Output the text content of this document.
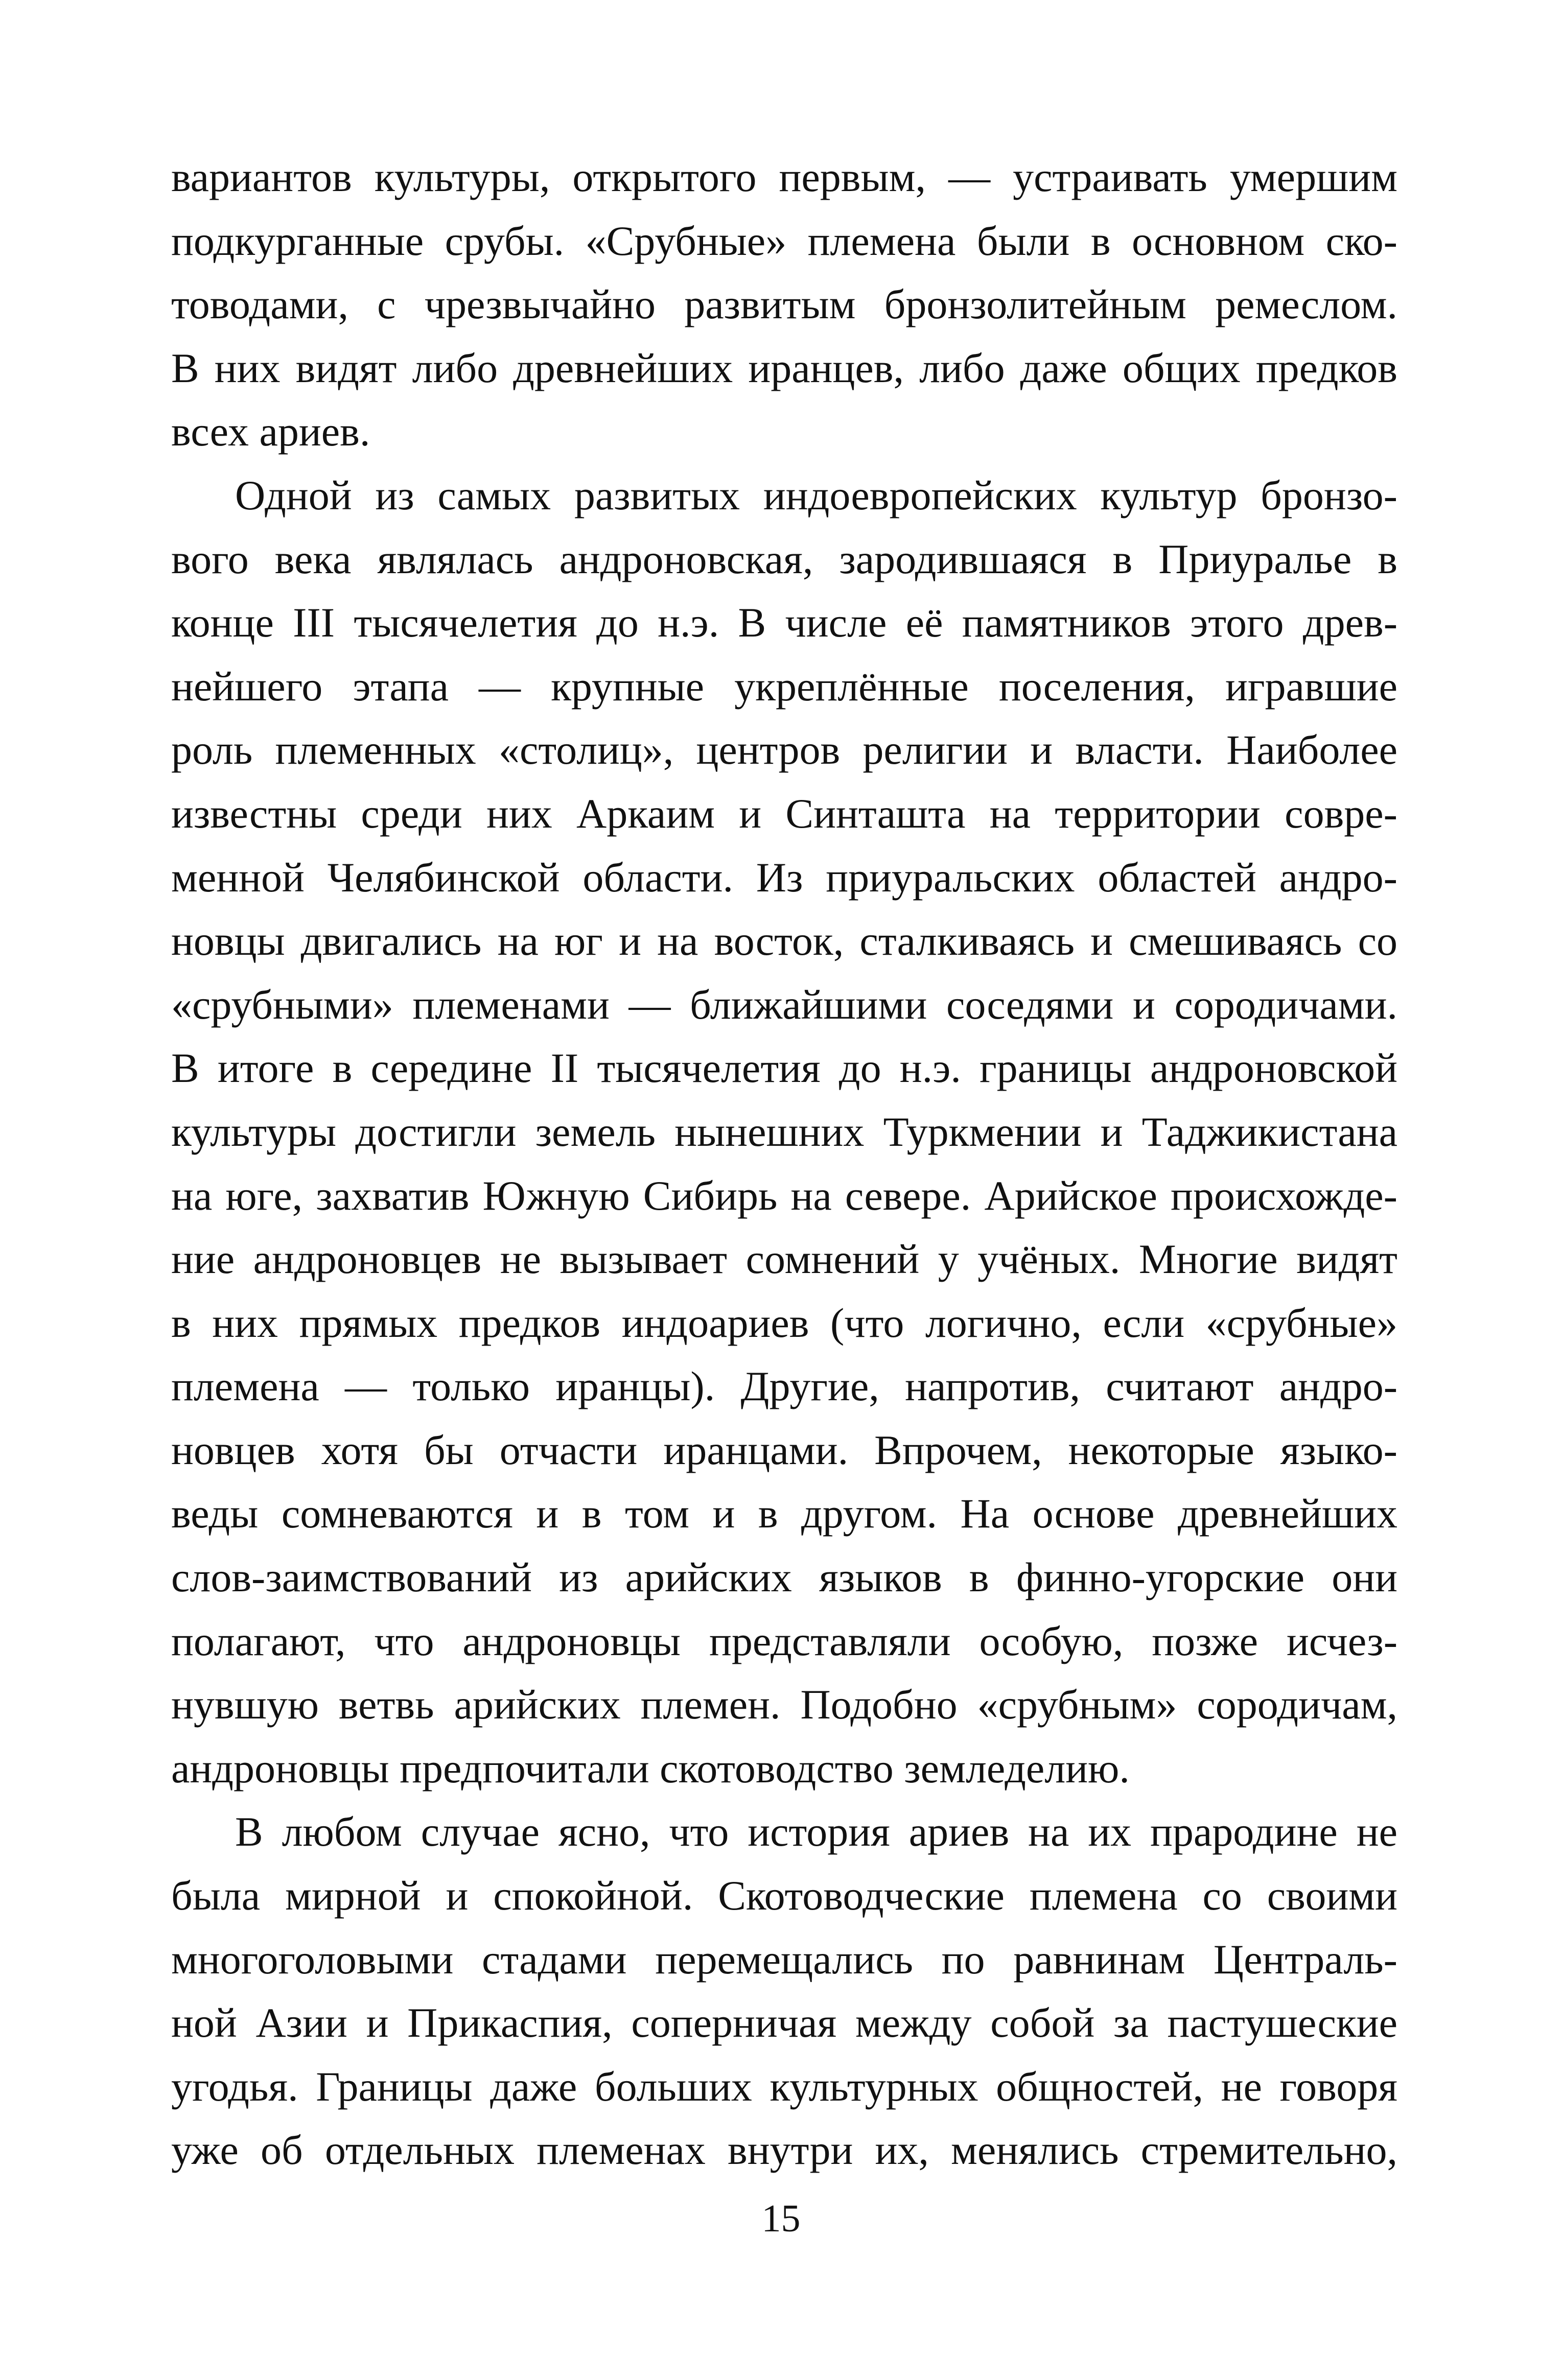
вариантов культуры, открытого первым, — устраивать умершим
подкурганные срубы. «Срубные» племена были в основном ско-
товодами, с чрезвычайно развитым бронзолитейным ремеслом.
В них видят либо древнейших иранцев, либо даже общих предков
всех ариев.

Одной из самых развитых индоевропейских культур бронзо-
вого века являлась андроновская, зародившаяся в Приуралье в
конце III тысячелетия до н.э. В числе её памятников этого древ-
нейшего этапа — крупные укреплённые поселения, игравшие
роль племенных «столиц», центров религии и власти. Наиболее
известны среди них Аркаим и Синташта на территории совре-
менной Челябинской области. Из приуральских областей андро-
новцы двигались на юг и на восток, сталкиваясь и смешиваясь со
«срубными» племенами — ближайшими соседями и сородичами.
В итоге в середине II тысячелетия до н.э. границы андроновской
культуры достигли земель нынешних Туркмении и Таджикистана
на юге, захватив Южную Сибирь на севере. Арийское происхожде-
ние андроновцев не вызывает сомнений у учёных. Многие видят
в них прямых предков индоариев (что логично, если «срубные»
племена — только иранцы). Другие, напротив, считают андро-
новцев хотя бы отчасти иранцами. Впрочем, некоторые языко-
веды сомневаются и в том и в другом. На основе древнейших
слов-заимствований из арийских языков в финно-угорские они
полагают, что андроновцы представляли особую, позже исчез-
нувшую ветвь арийских племен. Подобно «срубным» сородичам,
андроновцы предпочитали скотоводство земледелию.

В любом случае ясно, что история ариев на их прародине не
была мирной и спокойной. Скотоводческие племена со своими
многоголовыми стадами перемещались по равнинам Централь-
ной Азии и Прикаспия, соперничая между собой за пастушеские
угодья. Границы даже больших культурных общностей, не говоря
уже об отдельных племенах внутри их, менялись стремительно,

15
